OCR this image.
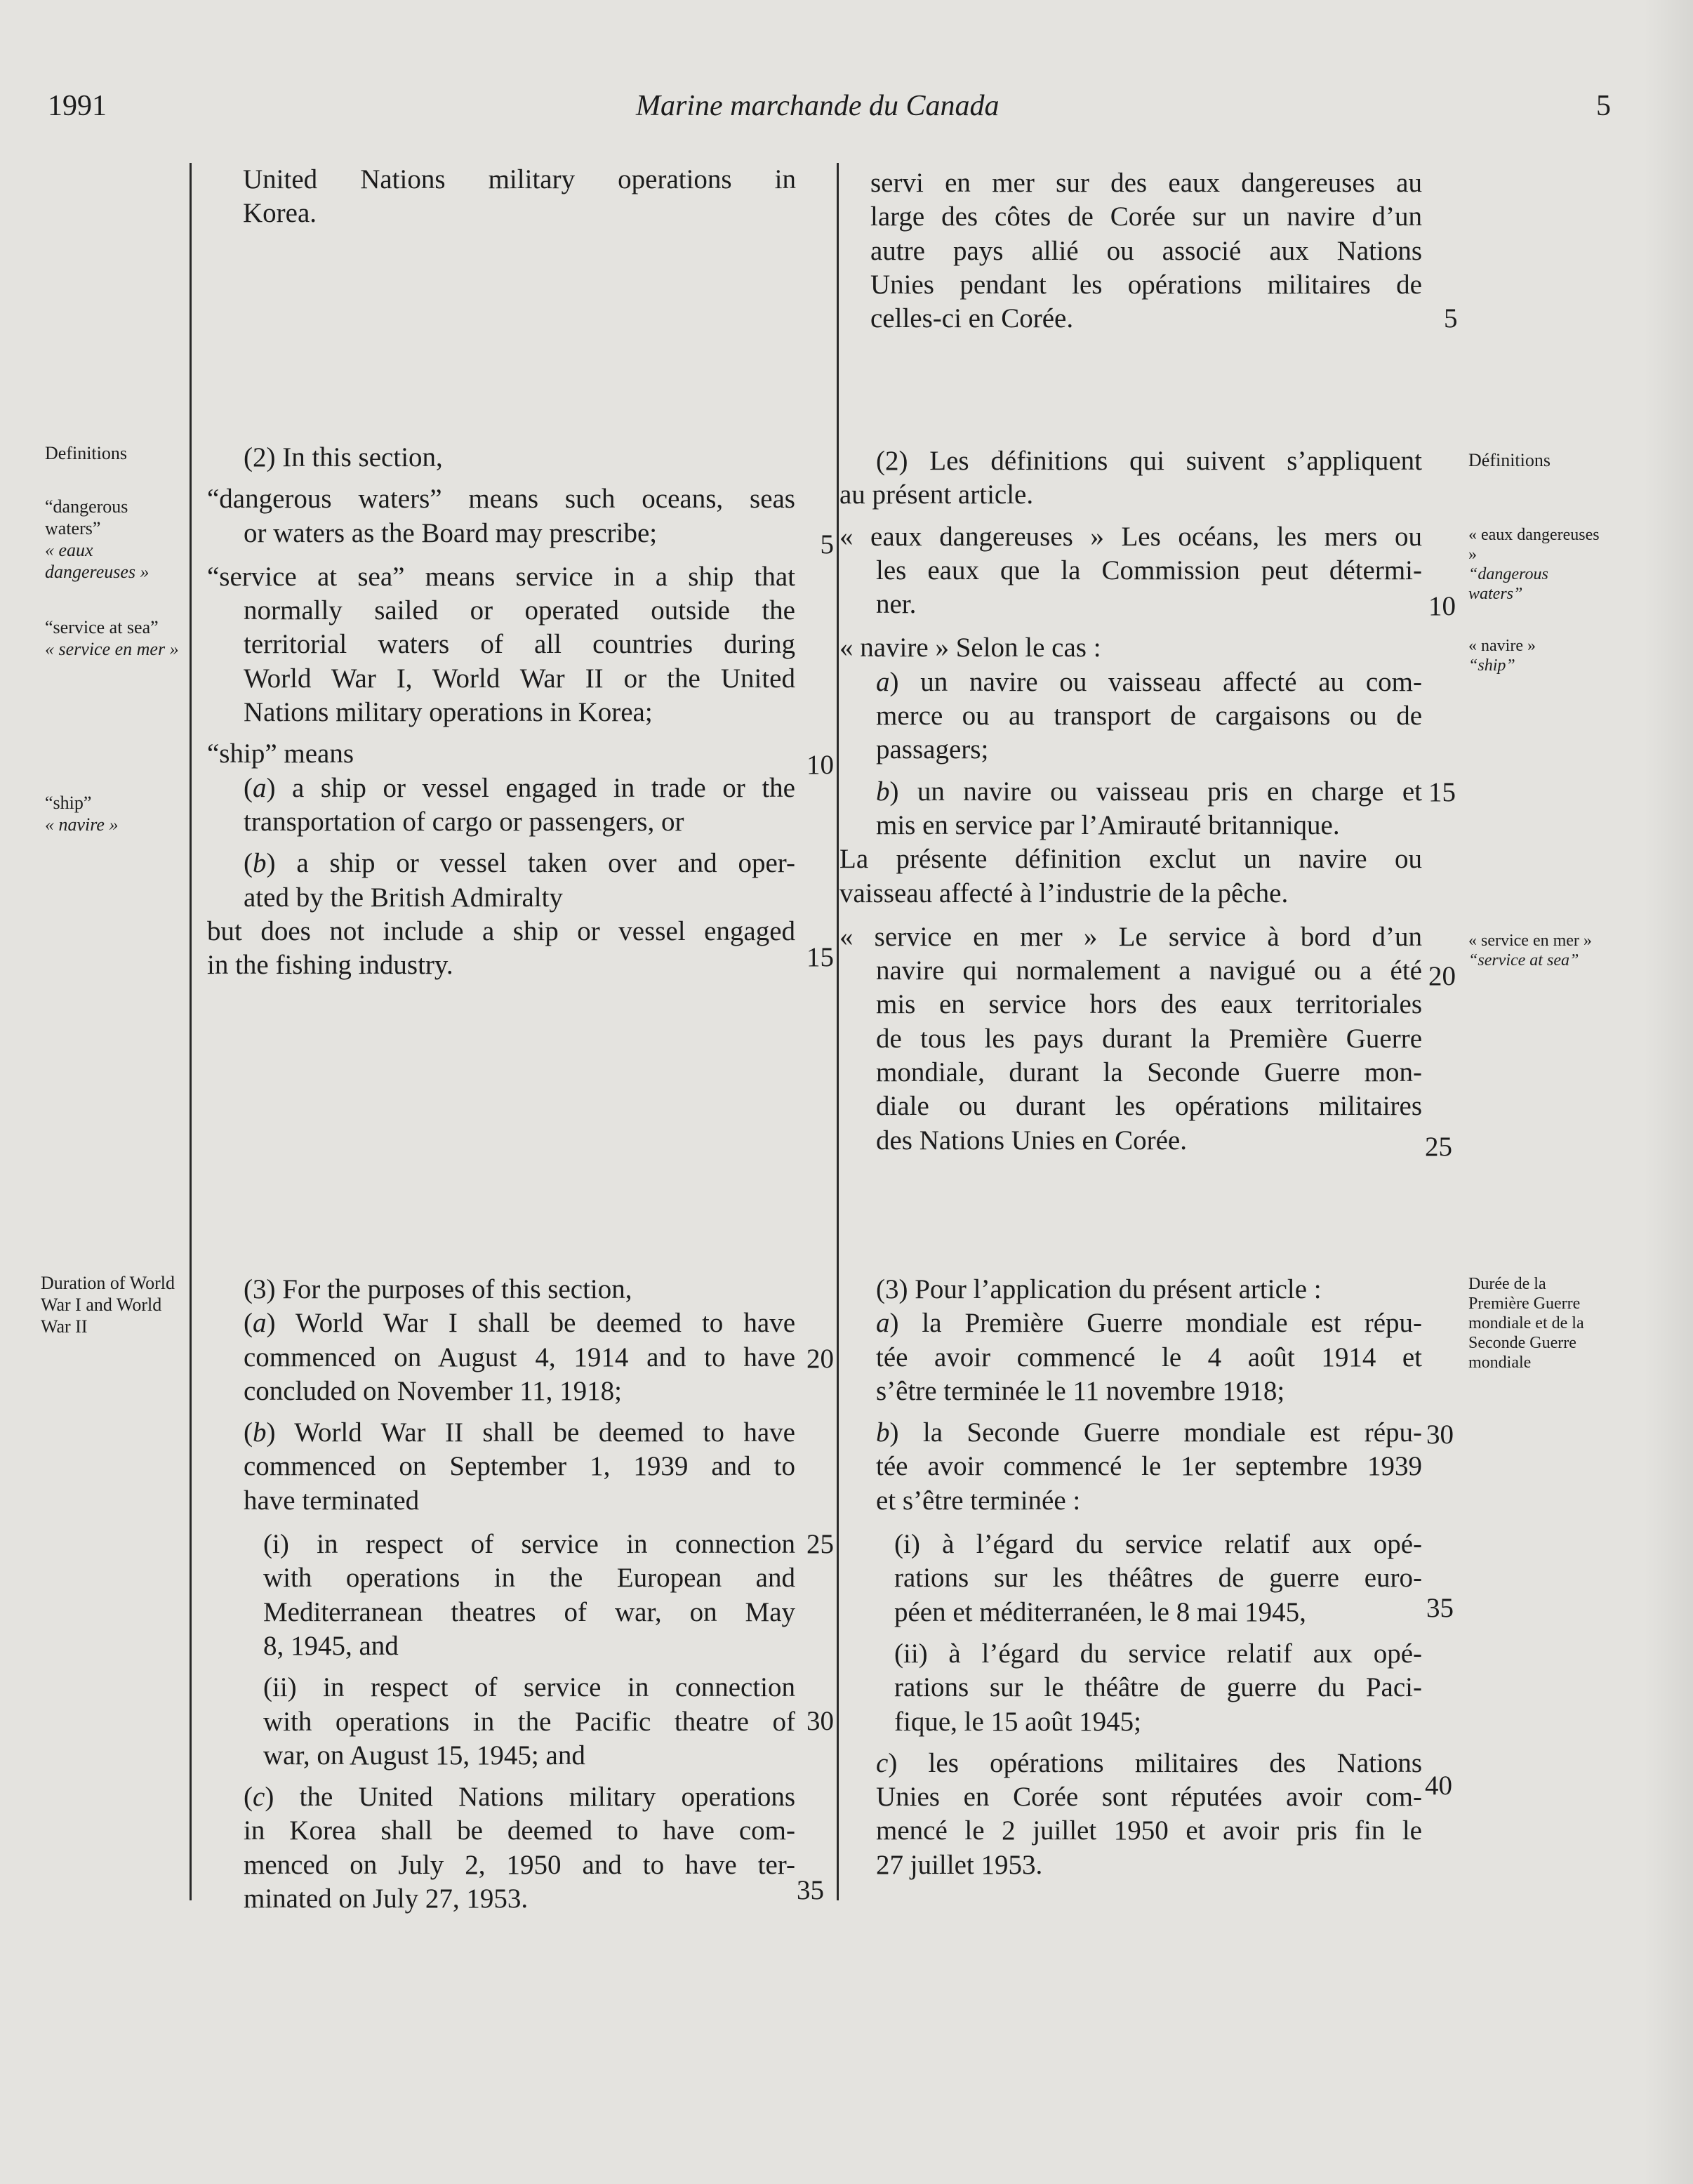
1991	Marine marchande du Canada	5

United Nations military operations in

Korea.

servi en mer sur des eaux dangereuses au

large des côtes de Corée sur un navire d’un

autre pays allié ou associé aux Nations

Unies pendant les opérations militaires de

celles-ci en Corée.	5

Definitions

“dangerous waters”

« eaux dangereuses »

“service at sea”

« service en mer »

“ship”

« navire »

(2) In this section,

“dangerous waters” means such oceans, seas

or waters as the Board may prescribe;

“service at sea” means service in a ship that

normally sailed or operated outside the

territorial waters of all countries during

World War I, World War II or the United

Nations military operations in Korea;

“ship” means

(a) a ship or vessel engaged in trade or the

transportation of cargo or passengers, or

(b) a ship or vessel taken over and oper-

ated by the British Admiralty

but does not include a ship or vessel engaged

in the fishing industry.

5
10
15

(2) Les définitions qui suivent s’appliquent

au présent article.

« eaux dangereuses » Les océans, les mers ou

les eaux que la Commission peut détermi-

ner.

« navire » Selon le cas :

a) un navire ou vaisseau affecté au com-

merce ou au transport de cargaisons ou de

passagers;

b) un navire ou vaisseau pris en charge et

mis en service par l’Amirauté britannique.

La présente définition exclut un navire ou

vaisseau affecté à l’industrie de la pêche.

« service en mer » Le service à bord d’un

navire qui normalement a navigué ou a été

mis en service hors des eaux territoriales

de tous les pays durant la Première Guerre

mondiale, durant la Seconde Guerre mon-

diale ou durant les opérations militaires

des Nations Unies en Corée.

10
15
20
25

Définitions

« eaux dangereuses »

“dangerous waters”

« navire »

“ship”

« service en mer »

“service at sea”

Duration of World War I and World War II

(3) For the purposes of this section,

(a) World War I shall be deemed to have

commenced on August 4, 1914 and to have

concluded on November 11, 1918;

(b) World War II shall be deemed to have

commenced on September 1, 1939 and to

have terminated

(i) in respect of service in connection

with operations in the European and

Mediterranean theatres of war, on May

8, 1945, and

(ii) in respect of service in connection

with operations in the Pacific theatre of

war, on August 15, 1945; and

(c) the United Nations military operations

in Korea shall be deemed to have com-

menced on July 2, 1950 and to have ter-

minated on July 27, 1953.

20
25
30
35

(3) Pour l’application du présent article :

a) la Première Guerre mondiale est répu-

tée avoir commencé le 4 août 1914 et

s’être terminée le 11 novembre 1918;

b) la Seconde Guerre mondiale est répu-

tée avoir commencé le 1er septembre 1939

et s’être terminée :

(i) à l’égard du service relatif aux opé-

rations sur les théâtres de guerre euro-

péen et méditerranéen, le 8 mai 1945,

(ii) à l’égard du service relatif aux opé-

rations sur le théâtre de guerre du Paci-

fique, le 15 août 1945;

c) les opérations militaires des Nations

Unies en Corée sont réputées avoir com-

mencé le 2 juillet 1950 et avoir pris fin le

27 juillet 1953.

30
35
40

Durée de la Première Guerre mondiale et de la Seconde Guerre mondiale
